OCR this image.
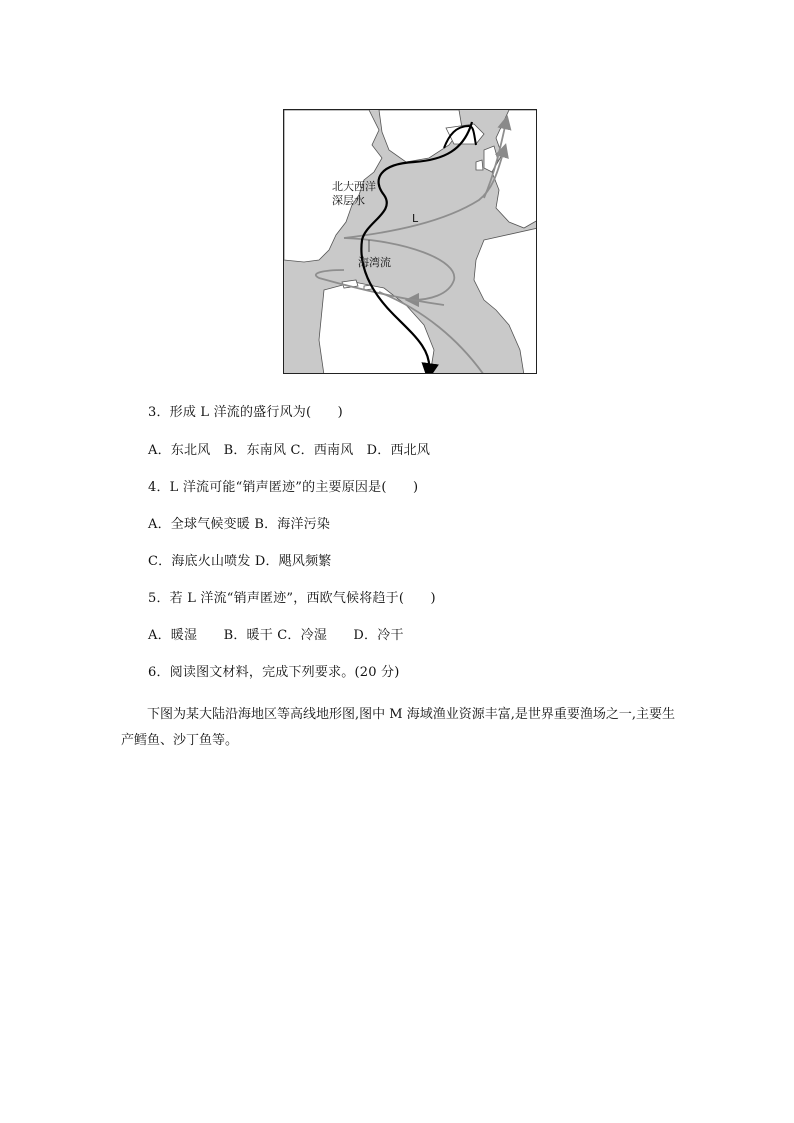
北大西洋
深层水
L
海湾流
3．形成 L 洋流的盛行风为(　　)
A．东北风　B．东南风 C．西南风　D．西北风
4．L 洋流可能“销声匿迹”的主要原因是(　　)
A．全球气候变暖 B．海洋污染
C．海底火山喷发 D．飓风频繁
5．若 L 洋流“销声匿迹”，西欧气候将趋于(　　)
A．暖湿　　B．暖干 C．冷湿　　D．冷干
6．阅读图文材料，完成下列要求。(20 分)
下图为某大陆沿海地区等高线地形图,图中 M 海域渔业资源丰富,是世界重要渔场之一,主要生产鳕鱼、沙丁鱼等。
